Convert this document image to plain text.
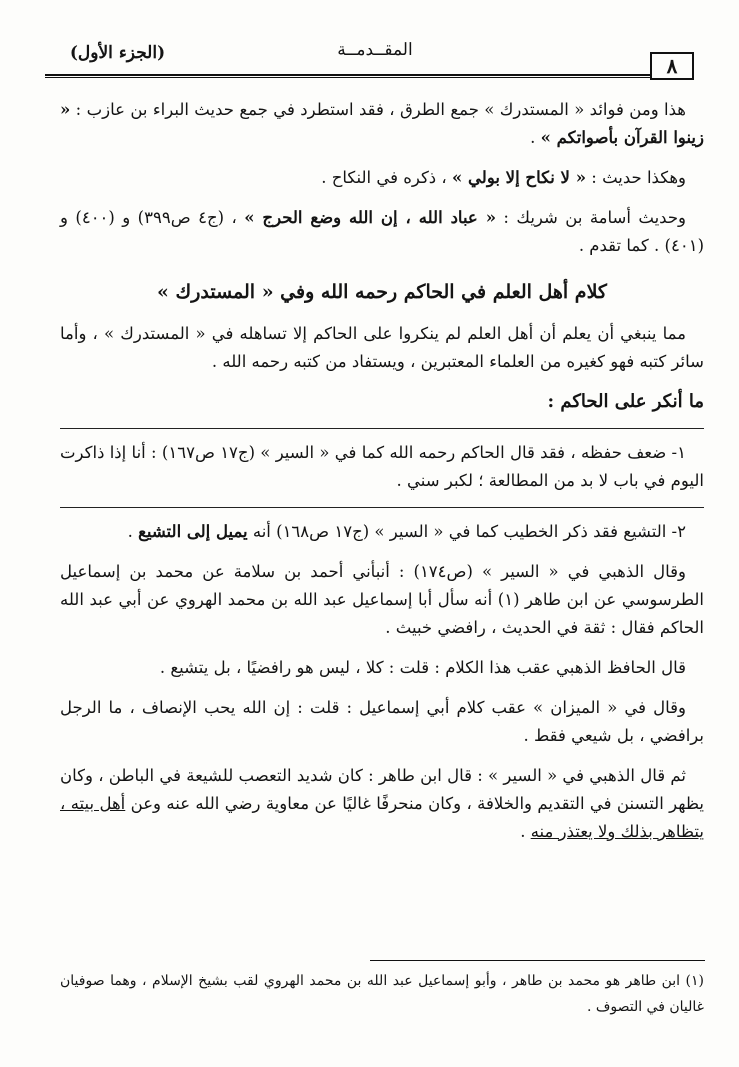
(الجزء الأول)	المقــدمــة
٨

هذا ومن فوائد « المستدرك » جمع الطرق ، فقد استطرد في جمع حديث البراء بن عازب : « زينوا القرآن بأصواتكم » .

وهكذا حديث : « لا نكاح إلا بولي » ، ذكره في النكاح .

وحديث أسامة بن شريك : « عباد الله ، إن الله وضع الحرج » ، (ج٤ ص٣٩٩) و (٤٠٠) و (٤٠١) . كما تقدم .

كلام أهل العلم في الحاكم رحمه الله وفي « المستدرك »

مما ينبغي أن يعلم أن أهل العلم لم ينكروا على الحاكم إلا تساهله في « المستدرك » ، وأما سائر كتبه فهو كغيره من العلماء المعتبرين ، ويستفاد من كتبه رحمه الله .

ما أنكر على الحاكم :

١- ضعف حفظه ، فقد قال الحاكم رحمه الله كما في « السير » (ج١٧ ص١٦٧) : أنا إذا ذاكرت اليوم في باب لا بد من المطالعة ؛ لكبر سني .

٢- التشيع فقد ذكر الخطيب كما في « السير » (ج١٧ ص١٦٨) أنه يميل إلى التشيع .

وقال الذهبي في « السير » (ص١٧٤) : أنبأني أحمد بن سلامة عن محمد بن إسماعيل الطرسوسي عن ابن طاهر (١) أنه سأل أبا إسماعيل عبد الله بن محمد الهروي عن أبي عبد الله الحاكم فقال : ثقة في الحديث ، رافضي خبيث .

قال الحافظ الذهبي عقب هذا الكلام : قلت : كلا ، ليس هو رافضيًا ، بل يتشيع .

وقال في « الميزان » عقب كلام أبي إسماعيل : قلت : إن الله يحب الإنصاف ، ما الرجل برافضي ، بل شيعي فقط .

ثم قال الذهبي في « السير » : قال ابن طاهر : كان شديد التعصب للشيعة في الباطن ، وكان يظهر التسنن في التقديم والخلافة ، وكان منحرفًا غاليًا عن معاوية رضي الله عنه وعن أهل بيته ، يتظاهر بذلك ولا يعتذر منه .

(١) ابن طاهر هو محمد بن طاهر ، وأبو إسماعيل عبد الله بن محمد الهروي لقب بشيخ الإسلام ، وهما صوفيان غاليان في التصوف .
